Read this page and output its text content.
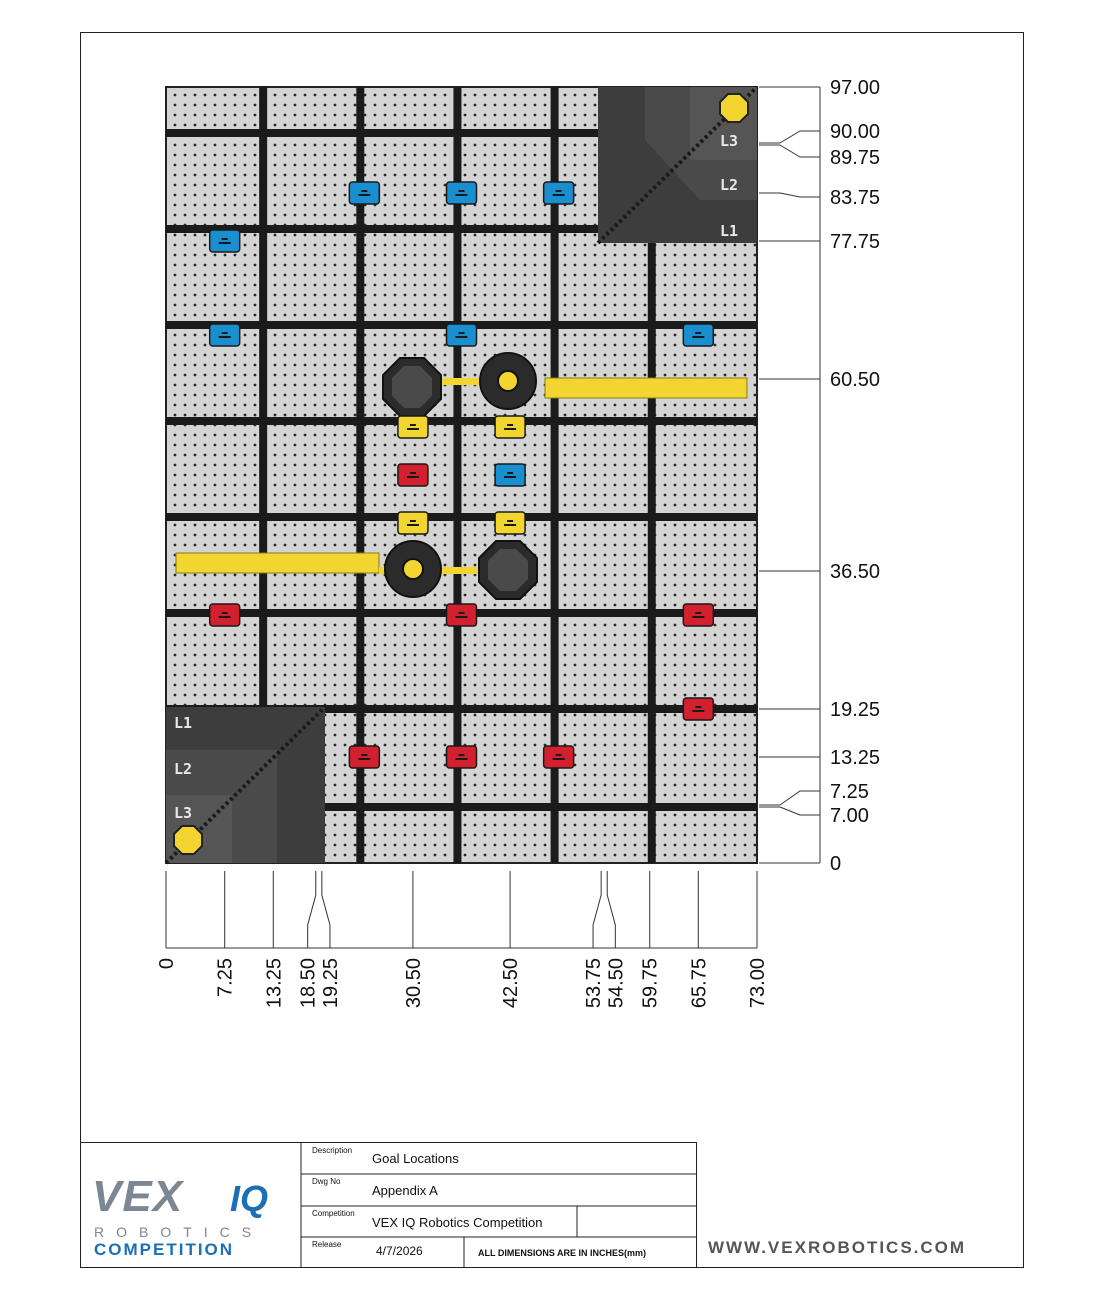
L1
L2
L3
L1
L2
L3
97.00
90.00
89.75
83.75
77.75
60.50
36.50
19.25
13.25
7.25
7.00
0
0 7.25 13.25 18.50 19.25	30.50	42.50	53.75 54.50 59.75 65.75 73.00
VEX IQ
ROBOTICS
COMPETITION
Description
Goal Locations
Dwg No
Appendix A
Competition
VEX IQ Robotics Competition
Release	4/7/2026	ALL DIMENSIONS ARE IN INCHES(mm)	WWW.VEXROBOTICS.COM
